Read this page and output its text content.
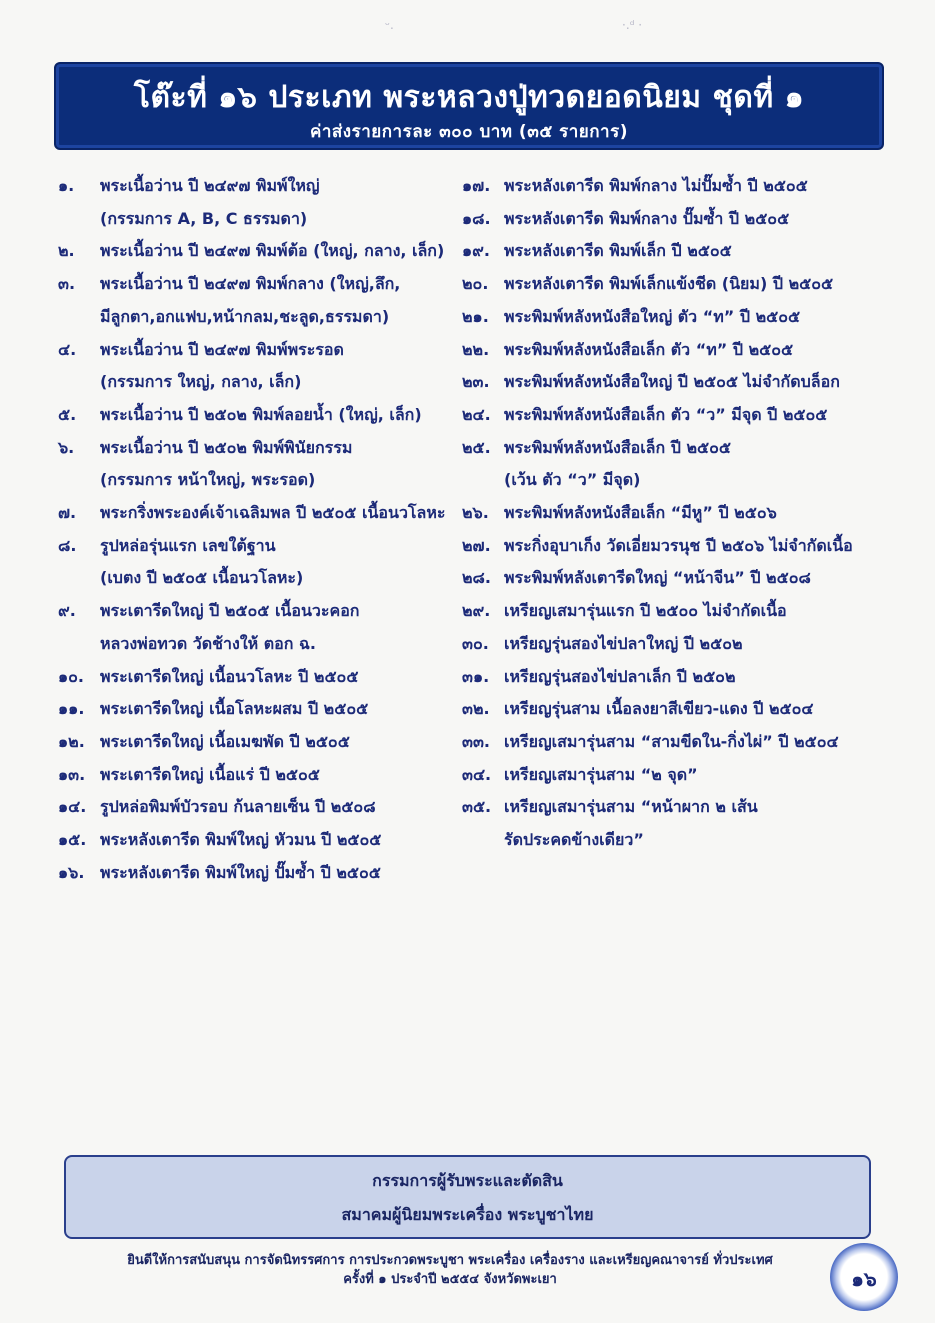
ᵕ.	·.ᵈ ·
โต๊ะที่ ๑๖ ประเภท พระหลวงปู่ทวดยอดนิยม ชุดที่ ๑
ค่าส่งรายการละ ๓๐๐ บาท (๓๕ รายการ)
๑. พระเนื้อว่าน ปี ๒๔๙๗ พิมพ์ใหญ่
(กรรมการ A, B, C ธรรมดา)
๒. พระเนื้อว่าน ปี ๒๔๙๗ พิมพ์ต้อ (ใหญ่, กลาง, เล็ก)
๓. พระเนื้อว่าน ปี ๒๔๙๗ พิมพ์กลาง (ใหญ่,ลึก,
มีลูกตา,อกแฟบ,หน้ากลม,ชะลูด,ธรรมดา)
๔. พระเนื้อว่าน ปี ๒๔๙๗ พิมพ์พระรอด
(กรรมการ ใหญ่, กลาง, เล็ก)
๕. พระเนื้อว่าน ปี ๒๕๐๒ พิมพ์ลอยน้ำ (ใหญ่, เล็ก)
๖. พระเนื้อว่าน ปี ๒๕๐๒ พิมพ์พินัยกรรม
(กรรมการ หน้าใหญ่, พระรอด)
๗. พระกริ่งพระองค์เจ้าเฉลิมพล ปี ๒๕๐๕ เนื้อนวโลหะ
๘. รูปหล่อรุ่นแรก เลขใต้ฐาน
(เบตง ปี ๒๕๐๕ เนื้อนวโลหะ)
๙. พระเตารีดใหญ่ ปี ๒๕๐๕ เนื้อนวะคอก
หลวงพ่อทวด วัดช้างให้ ตอก ฉ.
๑๐. พระเตารีดใหญ่ เนื้อนวโลหะ ปี ๒๕๐๕
๑๑. พระเตารีดใหญ่ เนื้อโลหะผสม ปี ๒๕๐๕
๑๒. พระเตารีดใหญ่ เนื้อเมฆพัด ปี ๒๕๐๕
๑๓. พระเตารีดใหญ่ เนื้อแร่ ปี ๒๕๐๕
๑๔. รูปหล่อพิมพ์บัวรอบ ก้นลายเซ็น ปี ๒๕๐๘
๑๕. พระหลังเตารีด พิมพ์ใหญ่ หัวมน ปี ๒๕๐๕
๑๖. พระหลังเตารีด พิมพ์ใหญ่ ปั๊มซ้ำ ปี ๒๕๐๕
๑๗. พระหลังเตารีด พิมพ์กลาง ไม่ปั๊มซ้ำ ปี ๒๕๐๕
๑๘. พระหลังเตารีด พิมพ์กลาง ปั๊มซ้ำ ปี ๒๕๐๕
๑๙. พระหลังเตารีด พิมพ์เล็ก ปี ๒๕๐๕
๒๐. พระหลังเตารีด พิมพ์เล็กแข้งชีด (นิยม) ปี ๒๕๐๕
๒๑. พระพิมพ์หลังหนังสือใหญ่ ตัว “ท” ปี ๒๕๐๕
๒๒. พระพิมพ์หลังหนังสือเล็ก ตัว “ท” ปี ๒๕๐๕
๒๓. พระพิมพ์หลังหนังสือใหญ่ ปี ๒๕๐๕ ไม่จำกัดบล็อก
๒๔. พระพิมพ์หลังหนังสือเล็ก ตัว “ว” มีจุด ปี ๒๕๐๕
๒๕. พระพิมพ์หลังหนังสือเล็ก ปี ๒๕๐๕
(เว้น ตัว “ว” มีจุด)
๒๖. พระพิมพ์หลังหนังสือเล็ก “มีหู” ปี ๒๕๐๖
๒๗. พระกิ่งอุบาเก็ง วัดเอี่ยมวรนุช ปี ๒๕๐๖ ไม่จำกัดเนื้อ
๒๘. พระพิมพ์หลังเตารีดใหญ่ “หน้าจีน” ปี ๒๕๐๘
๒๙. เหรียญเสมารุ่นแรก ปี ๒๕๐๐ ไม่จำกัดเนื้อ
๓๐. เหรียญรุ่นสองไข่ปลาใหญ่ ปี ๒๕๐๒
๓๑. เหรียญรุ่นสองไข่ปลาเล็ก ปี ๒๕๐๒
๓๒. เหรียญรุ่นสาม เนื้อลงยาสีเขียว-แดง ปี ๒๕๐๔
๓๓. เหรียญเสมารุ่นสาม “สามขีดใน-กิ่งไผ่” ปี ๒๕๐๔
๓๔. เหรียญเสมารุ่นสาม “๒ จุด”
๓๕. เหรียญเสมารุ่นสาม “หน้าผาก ๒ เส้น
รัดประคดข้างเดียว”
กรรมการผู้รับพระและตัดสิน
สมาคมผู้นิยมพระเครื่อง พระบูชาไทย
ยินดีให้การสนับสนุน การจัดนิทรรศการ การประกวดพระบูชา พระเครื่อง เครื่องราง และเหรียญคณาจารย์ ทั่วประเทศ
ครั้งที่ ๑ ประจำปี ๒๕๕๔ จังหวัดพะเยา	๑๖
